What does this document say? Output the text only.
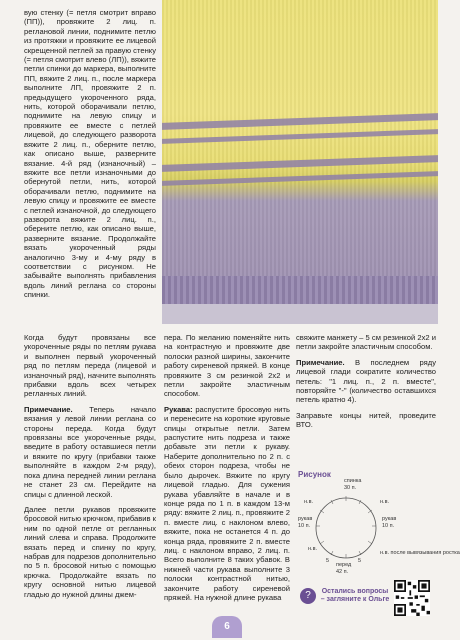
вую стенку (= петля смотрит вправо (ПП)), провяжите 2 лиц. п. реглановой линии, поднимите петлю из протяжки и провяжите ее лицевой скрещенной петлей за правую стенку (= петля смотрит влево (ЛП)), вяжите петли спинки до маркера, выполните ПП, вяжите 2 лиц. п., после маркера выполните ЛП, провяжите 2 п. предыдущего укороченного ряда, нить, которой оборачивали петлю, поднимите на левую спицу и провяжите ее вместе с петлей лицевой, до следующего разворота вяжите 2 лиц. п., оберните петлю, как описано выше, разверните вязание. 4-й ряд (изнаночный) – вяжите все петли изнаночными до обернутой петли, нить, которой оборачивали петлю, поднимите на левую спицу и провяжите ее вместе с петлей изнаночной, до следующего разворота вяжите 2 лиц. п., оберните петлю, как описано выше, разверните вязание. Продолжайте вязать укороченный ряды аналогично 3-му и 4-му ряду в соответствии с рисунком. Не забывайте выполнять прибавления вдоль линий реглана со стороны спинки.

Когда будут провязаны все укороченные ряды по петлям рукава и выполнен первый укороченный ряд по петлям переда (лицевой и изнаночный ряд), начните выполнять прибавки вдоль всех четырех регланных линий.

Примечание. Теперь начало вязания у левой линии реглана со стороны переда. Когда будут провязаны все укороченные ряды, введите в работу оставшиеся петли и вяжите по кругу (прибавки также выполняйте в каждом 2-м ряду), пока длина передней линии реглана не станет 23 см. Перейдите на спицы с длинной леской.

Далее петли рукавов провяжите бросовой нитью крючком, прибавив к ним по одной петле от регланных линий слева и справа. Продолжите вязать перед и спинку по кругу, набрав для подрезов дополнительно по 5 п. бросовой нитью с помощью крючка. Продолжайте вязать по кругу основной нитью лицевой гладью до нужной длины джем-

пера. По желанию поменяйте нить на контрастную и провяжите две полоски разной ширины, закончите работу сиреневой пряжей. В конце провяжите 3 см резинкой 2х2 и петли закройте эластичным способом.

Рукава: распустите бросовую нить и перенесите на короткие круговые спицы открытые петли. Затем распустите нить подреза и также добавьте эти петли к рукаву. Наберите дополнительно по 2 п. с обеих сторон подреза, чтобы не было дырочек. Вяжите по кругу лицевой гладью. Для сужения рукава убавляйте в начале и в конце ряда по 1 п. в каждом 13-м ряду: вяжите 2 лиц. п., провяжите 2 п. вместе лиц. с наклоном влево, вяжите, пока не останется 4 п. до конца ряда, провяжите 2 п. вместе лиц. с наклоном вправо, 2 лиц. п. Всего выполните 8 таких убавок. В нижней части рукава выполните 3 полоски контрастной нитью, закончите работу сиреневой пряжей. На нужной длине рукава

свяжите манжету – 5 см резинкой 2х2 и петли закройте эластичным способом.

Примечание. В последнем ряду лицевой глади сократите количество петель: "1 лиц. п., 2 п. вместе", повторяйте "-" (количество оставшихся петель кратно 4).

Заправьте концы нитей, проведите ВТО.

Рисунок
спинка
30 п.
н.в.	н.в.
рукав
10 п.
рукав
10 п.
н.в.
перед
42 п.
5	5
н.в. после вывязывания ростка
?	Остались вопросы – загляните к Ольге
6
